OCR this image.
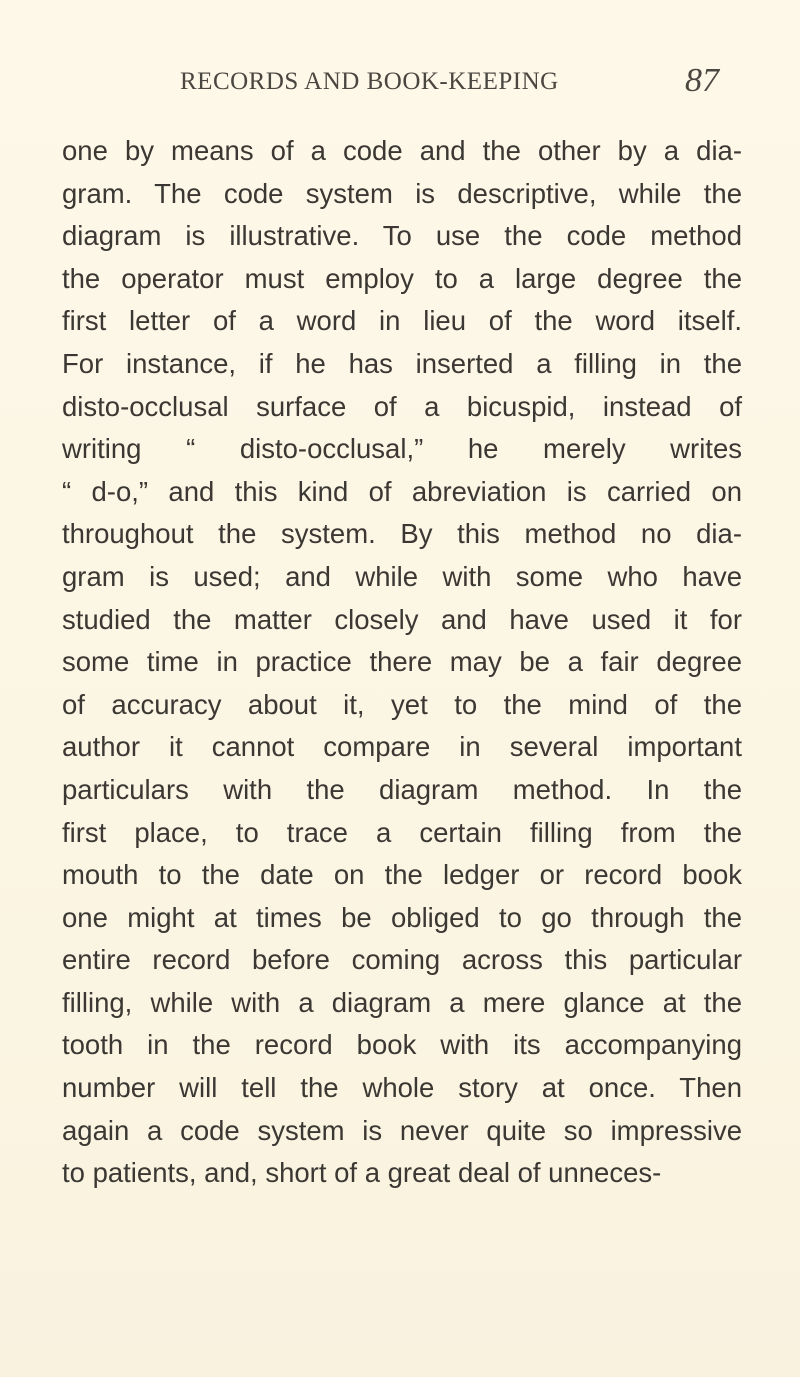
RECORDS AND BOOK-KEEPING	87
one by means of a code and the other by a dia-
gram. The code system is descriptive, while the
diagram is illustrative. To use the code method
the operator must employ to a large degree the
first letter of a word in lieu of the word itself.
For instance, if he has inserted a filling in the
disto-occlusal surface of a bicuspid, instead of
writing “ disto-occlusal,” he merely writes
“ d-o,” and this kind of abreviation is carried on
throughout the system. By this method no dia-
gram is used; and while with some who have
studied the matter closely and have used it for
some time in practice there may be a fair degree
of accuracy about it, yet to the mind of the
author it cannot compare in several important
particulars with the diagram method. In the
first place, to trace a certain filling from the
mouth to the date on the ledger or record book
one might at times be obliged to go through the
entire record before coming across this particular
filling, while with a diagram a mere glance at the
tooth in the record book with its accompanying
number will tell the whole story at once. Then
again a code system is never quite so impressive
to patients, and, short of a great deal of unneces-
